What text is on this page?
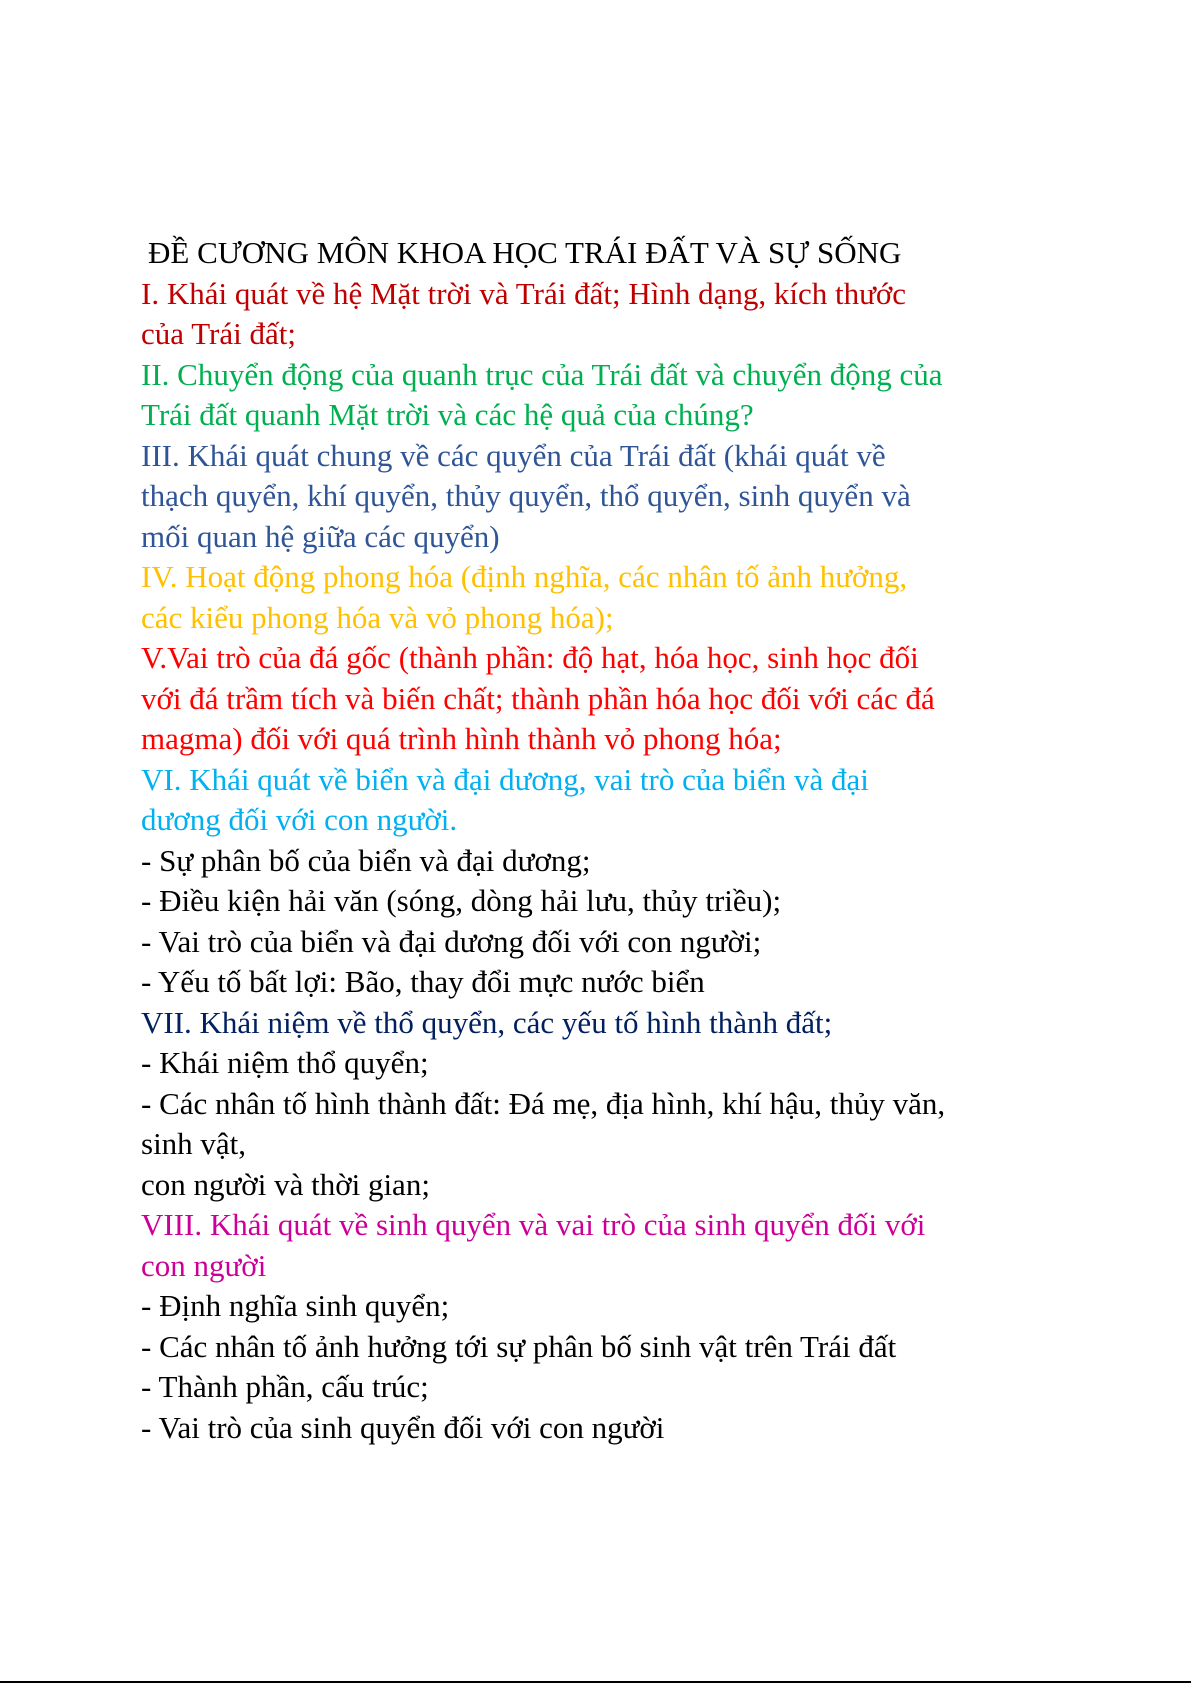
ĐỀ CƯƠNG MÔN KHOA HỌC TRÁI ĐẤT VÀ SỰ SỐNG
I. Khái quát về hệ Mặt trời và Trái đất; Hình dạng, kích thước
của Trái đất;
II. Chuyển động của quanh trục của Trái đất và chuyển động của
Trái đất quanh Mặt trời và các hệ quả của chúng?
III. Khái quát chung về các quyển của Trái đất (khái quát về
thạch quyển, khí quyển, thủy quyển, thổ quyển, sinh quyển và
mối quan hệ giữa các quyển)
IV. Hoạt động phong hóa (định nghĩa, các nhân tố ảnh hưởng,
các kiểu phong hóa và vỏ phong hóa);
V.Vai trò của đá gốc (thành phần: độ hạt, hóa học, sinh học đối
với đá trầm tích và biến chất; thành phần hóa học đối với các đá
magma) đối với quá trình hình thành vỏ phong hóa;
VI. Khái quát về biển và đại dương, vai trò của biển và đại
dương đối với con người.
- Sự phân bố của biển và đại dương;
- Điều kiện hải văn (sóng, dòng hải lưu, thủy triều);
- Vai trò của biển và đại dương đối với con người;
- Yếu tố bất lợi: Bão, thay đổi mực nước biển
VII. Khái niệm về thổ quyển, các yếu tố hình thành đất;
- Khái niệm thổ quyển;
- Các nhân tố hình thành đất: Đá mẹ, địa hình, khí hậu, thủy văn,
sinh vật,
con người và thời gian;
VIII. Khái quát về sinh quyển và vai trò của sinh quyển đối với
con người
- Định nghĩa sinh quyển;
- Các nhân tố ảnh hưởng tới sự phân bố sinh vật trên Trái đất
- Thành phần, cấu trúc;
- Vai trò của sinh quyển đối với con người
